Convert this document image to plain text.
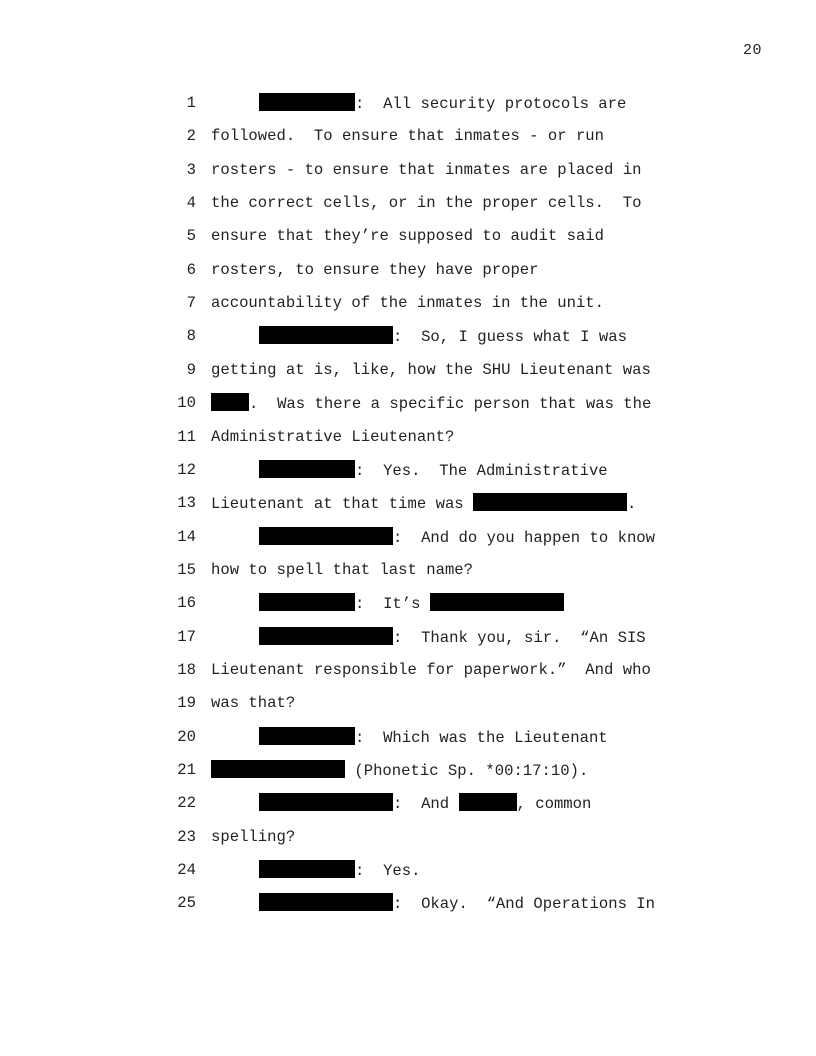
20
1	:  All security protocols are
2 followed.  To ensure that inmates - or run
3 rosters - to ensure that inmates are placed in
4 the correct cells, or in the proper cells.  To
5 ensure that they’re supposed to audit said
6 rosters, to ensure they have proper
7 accountability of the inmates in the unit.
8	:  So, I guess what I was
9 getting at is, like, how the SHU Lieutenant was
10	.  Was there a specific person that was the
11 Administrative Lieutenant?
12	:  Yes.  The Administrative
13 Lieutenant at that time was	.
14	:  And do you happen to know
15 how to spell that last name?
16	:  It’s
17	:  Thank you, sir.  “An SIS
18 Lieutenant responsible for paperwork.”  And who
19 was that?
20	:  Which was the Lieutenant
21	(Phonetic Sp. *00:17:10).
22	:  And	, common
23 spelling?
24	:  Yes.
25	:  Okay.  “And Operations In
